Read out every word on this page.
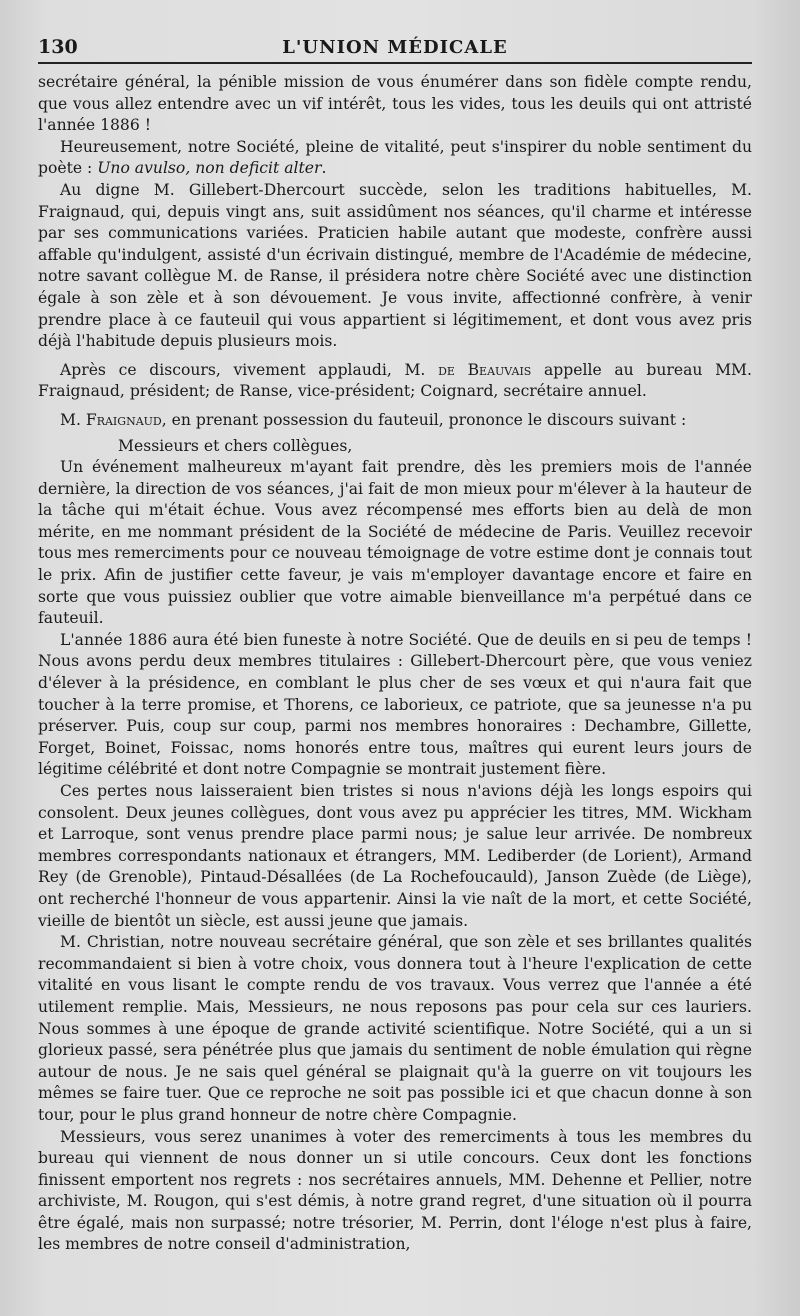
130	L'UNION MÉDICALE

secrétaire général, la pénible mission de vous énumérer dans son fidèle compte rendu, que vous allez entendre avec un vif intérêt, tous les vides, tous les deuils qui ont attristé l'année 1886 !

Heureusement, notre Société, pleine de vitalité, peut s'inspirer du noble sentiment du poète : Uno avulso, non deficit alter.

Au digne M. Gillebert-Dhercourt succède, selon les traditions habituelles, M. Fraignaud, qui, depuis vingt ans, suit assidûment nos séances, qu'il charme et intéresse par ses communications variées. Praticien habile autant que modeste, confrère aussi affable qu'indulgent, assisté d'un écrivain distingué, membre de l'Académie de médecine, notre savant collègue M. de Ranse, il présidera notre chère Société avec une distinction égale à son zèle et à son dévouement. Je vous invite, affectionné confrère, à venir prendre place à ce fauteuil qui vous appartient si légitimement, et dont vous avez pris déjà l'habitude depuis plusieurs mois.

Après ce discours, vivement applaudi, M. de Beauvais appelle au bureau MM. Fraignaud, président; de Ranse, vice-président; Coignard, secrétaire annuel.

M. Fraignaud, en prenant possession du fauteuil, prononce le discours suivant :

Messieurs et chers collègues,

Un événement malheureux m'ayant fait prendre, dès les premiers mois de l'année dernière, la direction de vos séances, j'ai fait de mon mieux pour m'élever à la hauteur de la tâche qui m'était échue. Vous avez récompensé mes efforts bien au delà de mon mérite, en me nommant président de la Société de médecine de Paris. Veuillez recevoir tous mes remerciments pour ce nouveau témoignage de votre estime dont je connais tout le prix. Afin de justifier cette faveur, je vais m'employer davantage encore et faire en sorte que vous puissiez oublier que votre aimable bienveillance m'a perpétué dans ce fauteuil.

L'année 1886 aura été bien funeste à notre Société. Que de deuils en si peu de temps ! Nous avons perdu deux membres titulaires : Gillebert-Dhercourt père, que vous veniez d'élever à la présidence, en comblant le plus cher de ses vœux et qui n'aura fait que toucher à la terre promise, et Thorens, ce laborieux, ce patriote, que sa jeunesse n'a pu préserver. Puis, coup sur coup, parmi nos membres honoraires : Dechambre, Gillette, Forget, Boinet, Foissac, noms honorés entre tous, maîtres qui eurent leurs jours de légitime célébrité et dont notre Compagnie se montrait justement fière.

Ces pertes nous laisseraient bien tristes si nous n'avions déjà les longs espoirs qui consolent. Deux jeunes collègues, dont vous avez pu apprécier les titres, MM. Wickham et Larroque, sont venus prendre place parmi nous; je salue leur arrivée. De nombreux membres correspondants nationaux et étrangers, MM. Lediberder (de Lorient), Armand Rey (de Grenoble), Pintaud-Désallées (de La Rochefoucauld), Janson Zuède (de Liège), ont recherché l'honneur de vous appartenir. Ainsi la vie naît de la mort, et cette Société, vieille de bientôt un siècle, est aussi jeune que jamais.

M. Christian, notre nouveau secrétaire général, que son zèle et ses brillantes qualités recommandaient si bien à votre choix, vous donnera tout à l'heure l'explication de cette vitalité en vous lisant le compte rendu de vos travaux. Vous verrez que l'année a été utilement remplie. Mais, Messieurs, ne nous reposons pas pour cela sur ces lauriers. Nous sommes à une époque de grande activité scientifique. Notre Société, qui a un si glorieux passé, sera pénétrée plus que jamais du sentiment de noble émulation qui règne autour de nous. Je ne sais quel général se plaignait qu'à la guerre on vit toujours les mêmes se faire tuer. Que ce reproche ne soit pas possible ici et que chacun donne à son tour, pour le plus grand honneur de notre chère Compagnie.

Messieurs, vous serez unanimes à voter des remerciments à tous les membres du bureau qui viennent de nous donner un si utile concours. Ceux dont les fonctions finissent emportent nos regrets : nos secrétaires annuels, MM. Dehenne et Pellier, notre archiviste, M. Rougon, qui s'est démis, à notre grand regret, d'une situation où il pourra être égalé, mais non surpassé; notre trésorier, M. Perrin, dont l'éloge n'est plus à faire, les membres de notre conseil d'administration,
